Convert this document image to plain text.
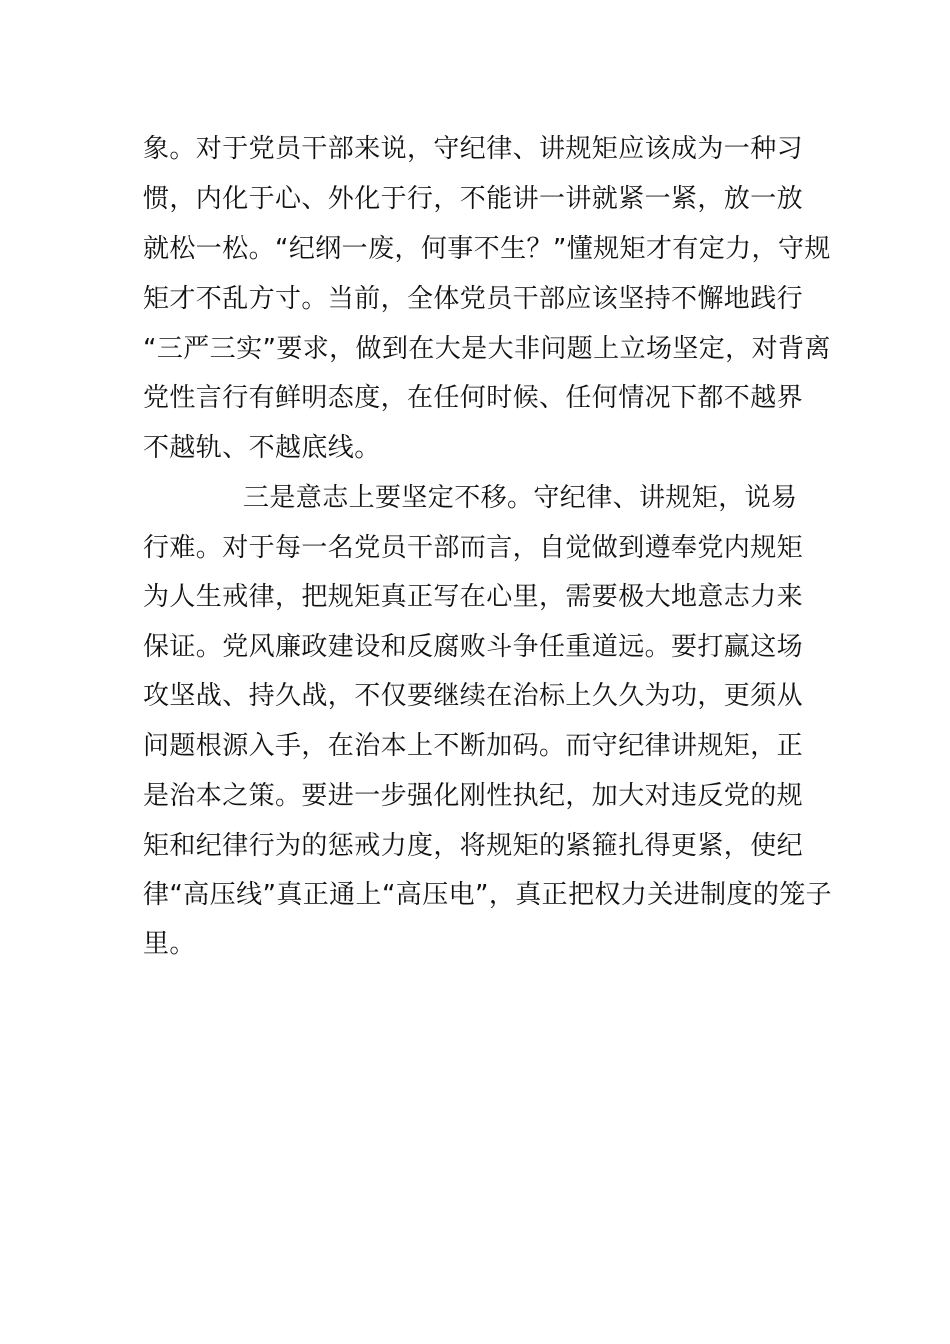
象。对于党员干部来说，守纪律、讲规矩应该成为一种习
惯，内化于心、外化于行，不能讲一讲就紧一紧，放一放
就松一松。“纪纲一废，何事不生？”懂规矩才有定力，守规
矩才不乱方寸。当前，全体党员干部应该坚持不懈地践行
“三严三实”要求，做到在大是大非问题上立场坚定，对背离
党性言行有鲜明态度，在任何时候、任何情况下都不越界
不越轨、不越底线。
三是意志上要坚定不移。守纪律、讲规矩，说易
行难。对于每一名党员干部而言，自觉做到遵奉党内规矩
为人生戒律，把规矩真正写在心里，需要极大地意志力来
保证。党风廉政建设和反腐败斗争任重道远。要打赢这场
攻坚战、持久战，不仅要继续在治标上久久为功，更须从
问题根源入手，在治本上不断加码。而守纪律讲规矩，正
是治本之策。要进一步强化刚性执纪，加大对违反党的规
矩和纪律行为的惩戒力度，将规矩的紧箍扎得更紧，使纪
律“高压线”真正通上“高压电”，真正把权力关进制度的笼子
里。
